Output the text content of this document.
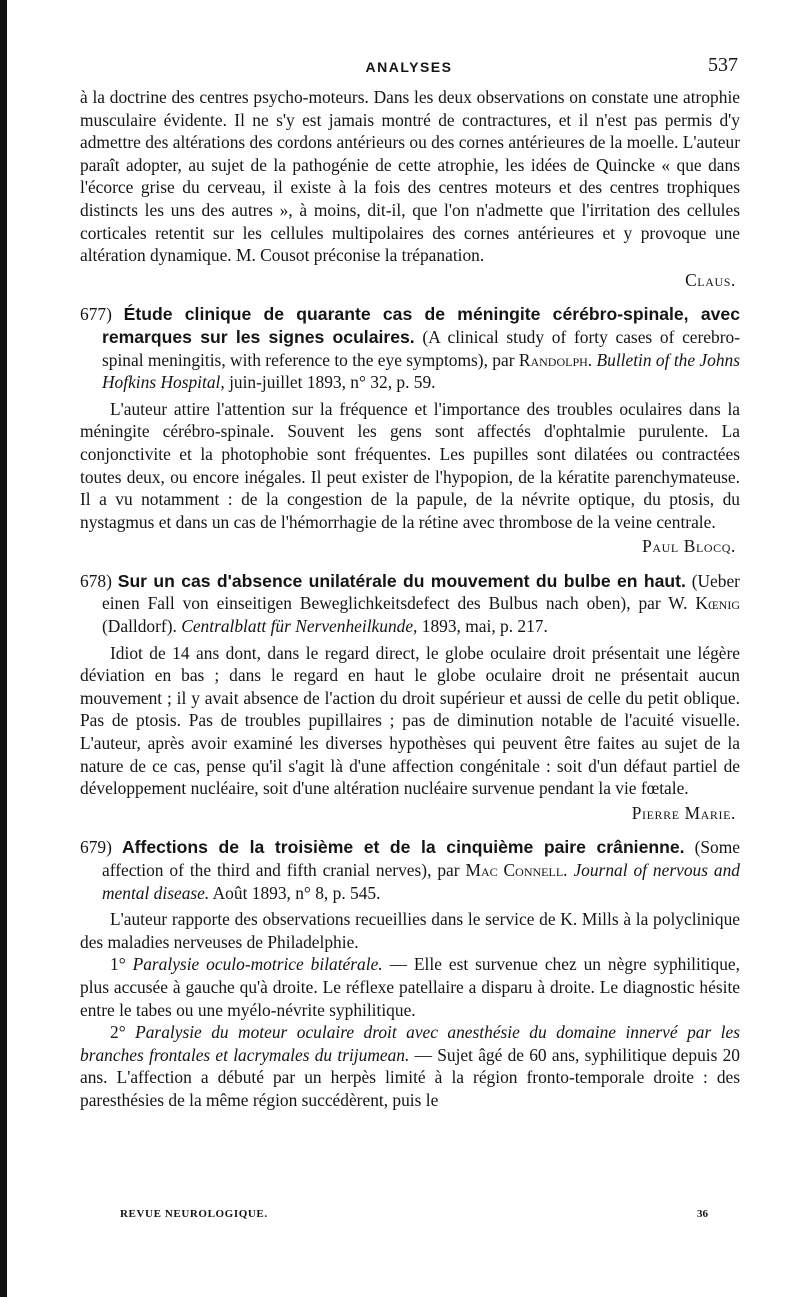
ANALYSES	537

à la doctrine des centres psycho-moteurs. Dans les deux observations on constate une atrophie musculaire évidente. Il ne s'y est jamais montré de contractures, et il n'est pas permis d'y admettre des altérations des cordons antérieurs ou des cornes antérieures de la moelle. L'auteur paraît adopter, au sujet de la pathogénie de cette atrophie, les idées de Quincke « que dans l'écorce grise du cerveau, il existe à la fois des centres moteurs et des centres trophiques distincts les uns des autres », à moins, dit-il, que l'on n'admette que l'irritation des cellules corticales retentit sur les cellules multipolaires des cornes antérieures et y provoque une altération dynamique. M. Cousot préconise la trépanation.

Claus.

677) Étude clinique de quarante cas de méningite cérébro-spinale, avec remarques sur les signes oculaires. (A clinical study of forty cases of cerebro-spinal meningitis, with reference to the eye symptoms), par Randolph. Bulletin of the Johns Hofkins Hospital, juin-juillet 1893, n° 32, p. 59.

L'auteur attire l'attention sur la fréquence et l'importance des troubles oculaires dans la méningite cérébro-spinale. Souvent les gens sont affectés d'ophtalmie purulente. La conjonctivite et la photophobie sont fréquentes. Les pupilles sont dilatées ou contractées toutes deux, ou encore inégales. Il peut exister de l'hypopion, de la kératite parenchymateuse. Il a vu notamment : de la congestion de la papule, de la névrite optique, du ptosis, du nystagmus et dans un cas de l'hémorrhagie de la rétine avec thrombose de la veine centrale.

Paul Blocq.

678) Sur un cas d'absence unilatérale du mouvement du bulbe en haut. (Ueber einen Fall von einseitigen Beweglichkeitsdefect des Bulbus nach oben), par W. Kœnig (Dalldorf). Centralblatt für Nervenheilkunde, 1893, mai, p. 217.

Idiot de 14 ans dont, dans le regard direct, le globe oculaire droit présentait une légère déviation en bas ; dans le regard en haut le globe oculaire droit ne présentait aucun mouvement ; il y avait absence de l'action du droit supérieur et aussi de celle du petit oblique. Pas de ptosis. Pas de troubles pupillaires ; pas de diminution notable de l'acuité visuelle. L'auteur, après avoir examiné les diverses hypothèses qui peuvent être faites au sujet de la nature de ce cas, pense qu'il s'agit là d'une affection congénitale : soit d'un défaut partiel de développement nucléaire, soit d'une altération nucléaire survenue pendant la vie fœtale.

Pierre Marie.

679) Affections de la troisième et de la cinquième paire crânienne. (Some affection of the third and fifth cranial nerves), par Mac Connell. Journal of nervous and mental disease. Août 1893, n° 8, p. 545.

L'auteur rapporte des observations recueillies dans le service de K. Mills à la polyclinique des maladies nerveuses de Philadelphie.

1° Paralysie oculo-motrice bilatérale. — Elle est survenue chez un nègre syphilitique, plus accusée à gauche qu'à droite. Le réflexe patellaire a disparu à droite. Le diagnostic hésite entre le tabes ou une myélo-névrite syphilitique.

2° Paralysie du moteur oculaire droit avec anesthésie du domaine innervé par les branches frontales et lacrymales du trijumean. — Sujet âgé de 60 ans, syphilitique depuis 20 ans. L'affection a débuté par un herpès limité à la région fronto-temporale droite : des paresthésies de la même région succédèrent, puis le

REVUE NEUROLOGIQUE.	36
